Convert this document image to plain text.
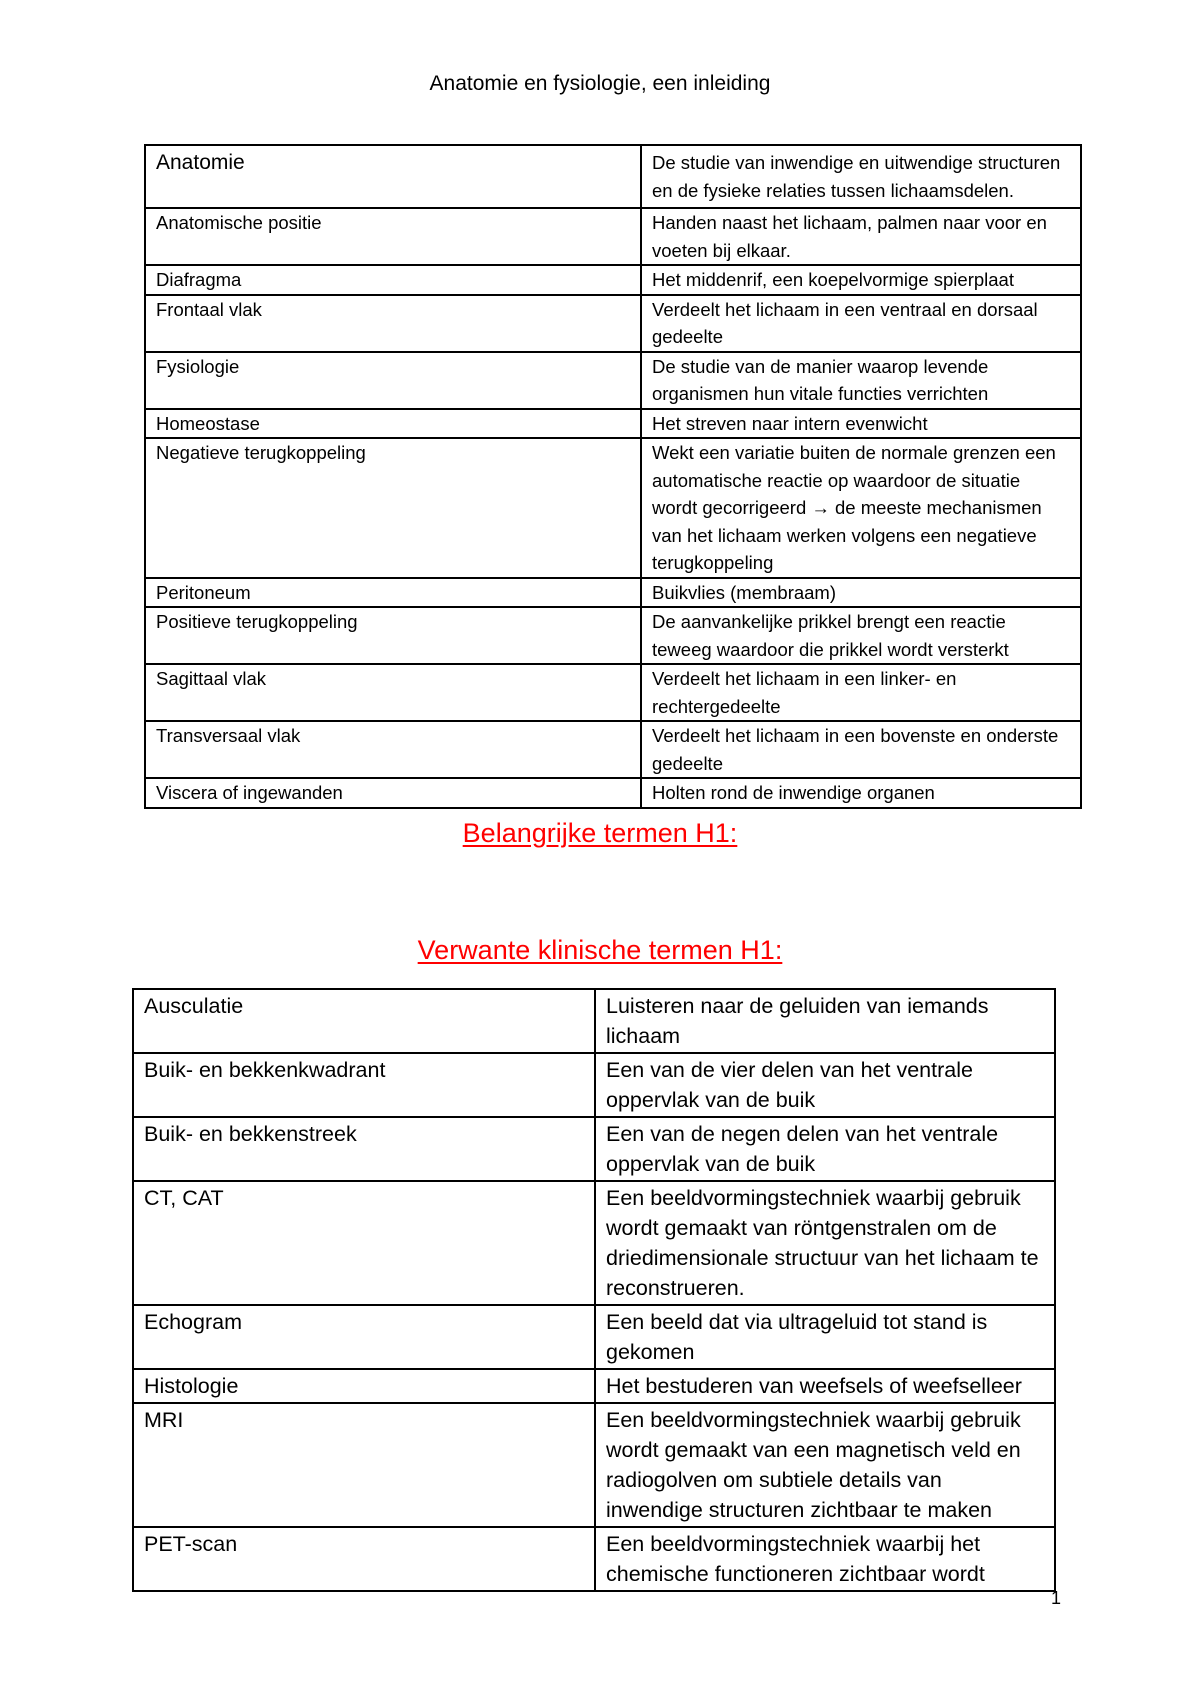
Anatomie en fysiologie, een inleiding
Anatomie	De studie van inwendige en uitwendige structuren en de fysieke relaties tussen lichaamsdelen.
Anatomische positie	Handen naast het lichaam, palmen naar voor en voeten bij elkaar.
Diafragma	Het middenrif, een koepelvormige spierplaat
Frontaal vlak	Verdeelt het lichaam in een ventraal en dorsaal gedeelte
Fysiologie	De studie van de manier waarop levende organismen hun vitale functies verrichten
Homeostase	Het streven naar intern evenwicht
Negatieve terugkoppeling	Wekt een variatie buiten de normale grenzen een automatische reactie op waardoor de situatie wordt gecorrigeerd → de meeste mechanismen van het lichaam werken volgens een negatieve terugkoppeling
Peritoneum	Buikvlies (membraam)
Positieve terugkoppeling	De aanvankelijke prikkel brengt een reactie teweeg waardoor die prikkel wordt versterkt
Sagittaal vlak	Verdeelt het lichaam in een linker- en rechtergedeelte
Transversaal vlak	Verdeelt het lichaam in een bovenste en onderste gedeelte
Viscera of ingewanden	Holten rond de inwendige organen
Belangrijke termen H1:
Verwante klinische termen H1:
Ausculatie	Luisteren naar de geluiden van iemands lichaam
Buik- en bekkenkwadrant	Een van de vier delen van het ventrale oppervlak van de buik
Buik- en bekkenstreek	Een van de negen delen van het ventrale oppervlak van de buik
CT, CAT	Een beeldvormingstechniek waarbij gebruik wordt gemaakt van röntgenstralen om de driedimensionale structuur van het lichaam te reconstrueren.
Echogram	Een beeld dat via ultrageluid tot stand is gekomen
Histologie	Het bestuderen van weefsels of weefselleer
MRI	Een beeldvormingstechniek waarbij gebruik wordt gemaakt van een magnetisch veld en radiogolven om subtiele details van inwendige structuren zichtbaar te maken
PET-scan	Een beeldvormingstechniek waarbij het chemische functioneren zichtbaar wordt
1
